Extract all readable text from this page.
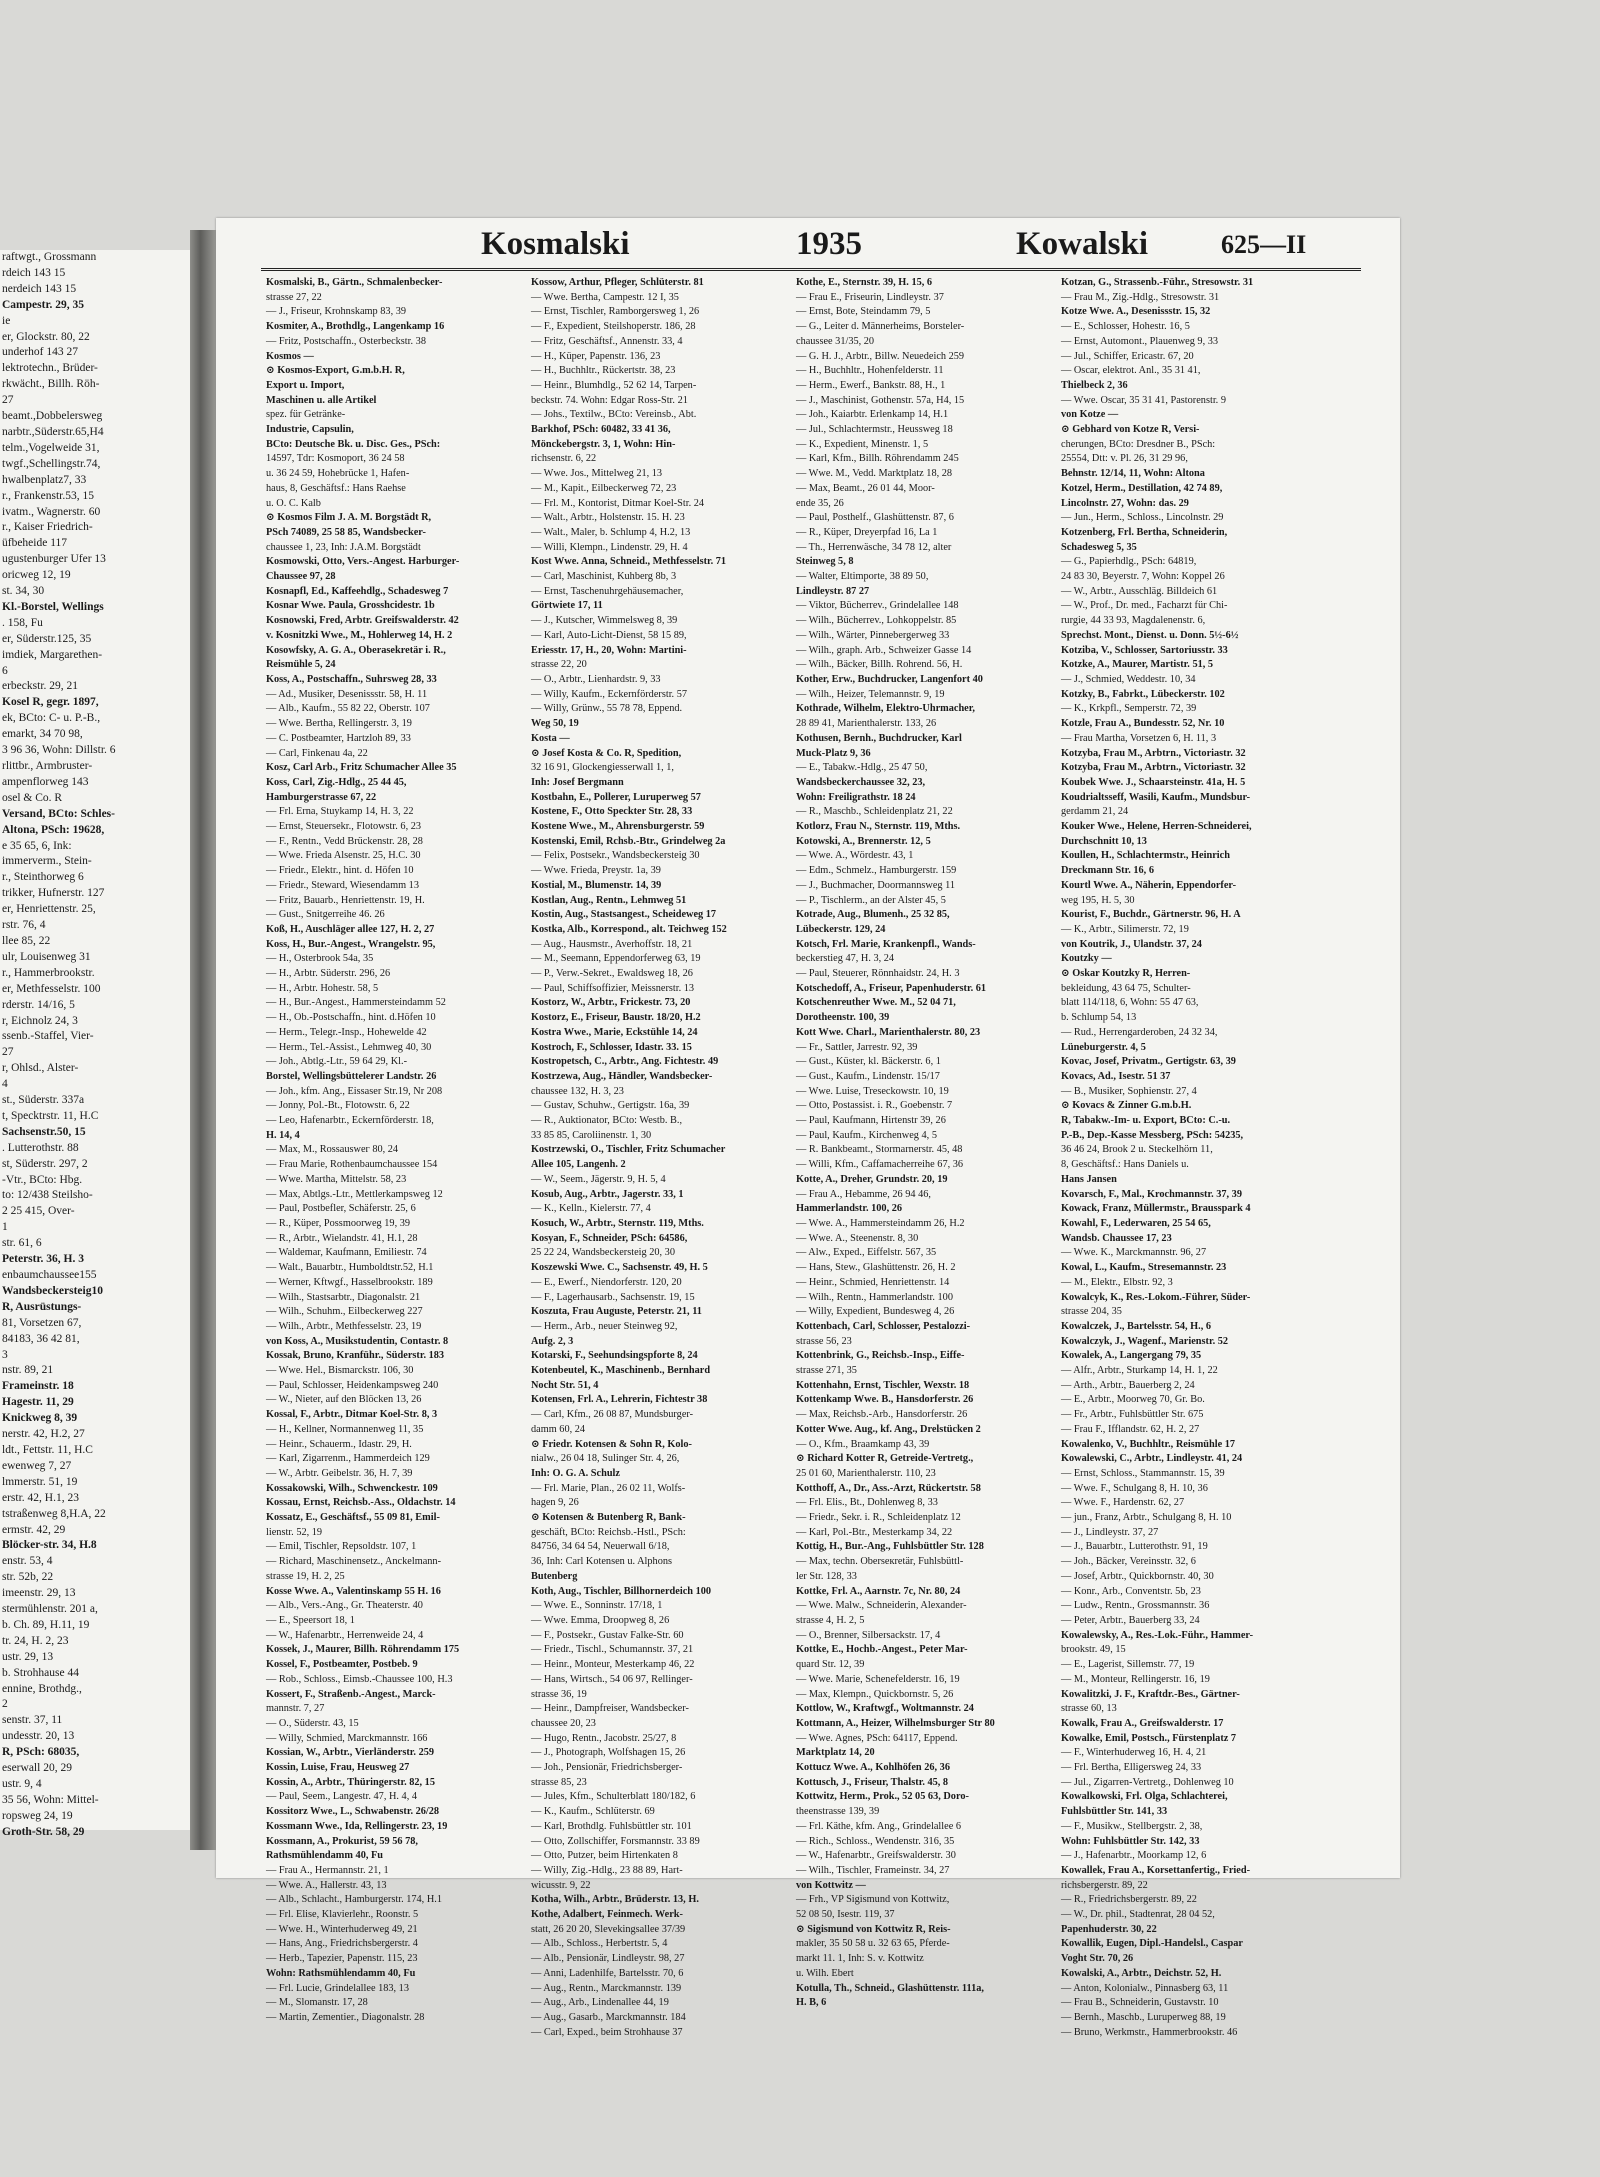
raftwgt., Grossmann
rdeich 143 15
nerdeich 143 15
Campestr. 29, 35
ie
er, Glockstr. 80, 22
underhof 143 27
lektrotechn., Brüder-
rkwächt., Billh. Röh-
27
beamt.,Dobbelersweg
narbtr.,Süderstr.65,H4
telm.,Vogelweide 31,
twgf.,Schellingstr.74,
hwalbenplatz7, 33
r., Frankenstr.53, 15
ivatm., Wagnerstr. 60
r., Kaiser Friedrich-
üfbeheide 117
ugustenburger Ufer 13
oricweg 12, 19
st. 34, 30
Kl.-Borstel, Wellings
. 158, Fu
er, Süderstr.125, 35
imdiek, Margarethen-
6
erbeckstr. 29, 21
Kosel R, gegr. 1897,
ek, BCto: C- u. P.-B.,
emarkt, 34 70 98,
3 96 36, Wohn: Dillstr. 6
rlittbr., Armbruster-
ampenflorweg 143
osel & Co. R
Versand, BCto: Schles-
Altona, PSch: 19628,
e 35 65, 6, Ink:
immerverm., Stein-
r., Steinthorweg 6
trikker, Hufnerstr. 127
er, Henriettenstr. 25,
rstr. 76, 4
llee 85, 22
ulr, Louisenweg 31
r., Hammerbrookstr.
er, Methfesselstr. 100
rderstr. 14/16, 5
r, Eichnolz 24, 3
ssenb.-Staffel, Vier-
27
r, Ohlsd., Alster-
4
st., Süderstr. 337a
t, Specktrstr. 11, H.C
Sachsenstr.50, 15
. Lutterothstr. 88
st, Süderstr. 297, 2
-Vtr., BCto: Hbg.
to: 12/438 Steilsho-
2 25 415, Over-
1
str. 61, 6
Peterstr. 36, H. 3
enbaumchaussee155
Wandsbeckersteig10
R, Ausrüstungs-
81, Vorsetzen 67,
84183, 36 42 81,
3
nstr. 89, 21
Frameinstr. 18
Hagestr. 11, 29
Knickweg 8, 39
nerstr. 42, H.2, 27
ldt., Fettstr. 11, H.C
ewenweg 7, 27
lmmerstr. 51, 19
erstr. 42, H.1, 23
tstraßenweg 8,H.A, 22
ermstr. 42, 29
Blöcker-str. 34, H.8
enstr. 53, 4
str. 52b, 22
imeenstr. 29, 13
stermühlenstr. 201 a,
b. Ch. 89, H.11, 19
tr. 24, H. 2, 23
ustr. 29, 13
b. Strohhause 44
ennine, Brothdg.,
2
senstr. 37, 11
undesstr. 20, 13
R, PSch: 68035,
eserwall 20, 29
ustr. 9, 4
35 56, Wohn: Mittel-
ropsweg 24, 19
Groth-Str. 58, 29
Kosmalski	1935	Kowalski	625—II
Kosmalski, B., Gärtn., Schmalenbecker-
strasse 27, 22
— J., Friseur, Krohnskamp 83, 39
Kosmiter, A., Brothdlg., Langenkamp 16
— Fritz, Postschaffn., Osterbeckstr. 38
Kosmos —
⊙ Kosmos-Export, G.m.b.H. R,
Export u. Import,
Maschinen u. alle Artikel
spez. für Getränke-
Industrie, Capsulin,
BCto: Deutsche Bk. u. Disc. Ges., PSch:
14597, Tdr: Kosmoport, 36 24 58
u. 36 24 59, Hohebrücke 1, Hafen-
haus, 8, Geschäftsf.: Hans Raehse
u. O. C. Kalb
⊙ Kosmos Film J. A. M. Borgstädt R,
PSch 74089, 25 58 85, Wandsbecker-
chaussee 1, 23, Inh: J.A.M. Borgstädt
Kosmowski, Otto, Vers.-Angest. Harburger-
Chaussee 97, 28
Kosnapfl, Ed., Kaffeehdlg., Schadesweg 7
Kosnar Wwe. Paula, Grosshcidestr. 1b
Kosnowski, Fred, Arbtr. Greifswalderstr. 42
v. Kosnitzki Wwe., M., Hohlerweg 14, H. 2
Kosowfsky, A. G. A., Oberasekretär i. R.,
Reismühle 5, 24
Koss, A., Postschaffn., Suhrsweg 28, 33
— Ad., Musiker, Desenissstr. 58, H. 11
— Alb., Kaufm., 55 82 22, Oberstr. 107
— Wwe. Bertha, Rellingerstr. 3, 19
— C. Postbeamter, Hartzloh 89, 33
— Carl, Finkenau 4a, 22
Kosz, Carl Arb., Fritz Schumacher Allee 35
Koss, Carl, Zig.-Hdlg., 25 44 45,
Hamburgerstrasse 67, 22
— Frl. Erna, Stuykamp 14, H. 3, 22
— Ernst, Steuersekr., Flotowstr. 6, 23
— F., Rentn., Vedd Brückenstr. 28, 28
— Wwe. Frieda Alsenstr. 25, H.C. 30
— Friedr., Elektr., hint. d. Höfen 10
— Friedr., Steward, Wiesendamm 13
— Fritz, Bauarb., Henriettenstr. 19, H.
— Gust., Snitgerreihe 46. 26
Koß, H., Auschläger allee 127, H. 2, 27
Koss, H., Bur.-Angest., Wrangelstr. 95,
— H., Osterbrook 54a, 35
— H., Arbtr. Süderstr. 296, 26
— H., Arbtr. Hohestr. 58, 5
— H., Bur.-Angest., Hammersteindamm 52
— H., Ob.-Postschaffn., hint. d.Höfen 10
— Herm., Telegr.-Insp., Hohewelde 42
— Herm., Tel.-Assist., Lehmweg 40, 30
— Joh., Abtlg.-Ltr., 59 64 29, Kl.-
Borstel, Wellingsbüttelerer Landstr. 26
— Joh., kfm. Ang., Eissaser Str.19, Nr 208
— Jonny, Pol.-Bt., Flotowstr. 6, 22
— Leo, Hafenarbtr., Eckernförderstr. 18,
H. 14, 4
— Max, M., Rossauswег 80, 24
— Frau Marie, Rothenbaumchaussee 154
— Wwe. Martha, Mittelstr. 58, 23
— Max, Abtlgs.-Ltr., Mettlerkampsweg 12
— Paul, Postbefler, Schäferstr. 25, 6
— R., Küper, Possmoorweg 19, 39
— R., Arbtr., Wielandstr. 41, H.1, 28
— Waldemar, Kaufmann, Emiliestr. 74
— Walt., Bauarbtr., Humboldtstr.52, H.1
— Werner, Kftwgf., Hasselbrookstr. 189
— Wilh., Stastsarbtr., Diagonalstr. 21
— Wilh., Schuhm., Eilbeckerweg 227
— Wilh., Arbtr., Methfesselstr. 23, 19
von Koss, A., Musikstudentin, Contastr. 8
Kossak, Bruno, Kranführ., Süderstr. 183
— Wwe. Hel., Bismarckstr. 106, 30
— Paul, Schlosser, Heidenkampsweg 240
— W., Nieter, auf den Blöcken 13, 26
Kossal, F., Arbtr., Ditmar Koel-Str. 8, 3
— H., Kellner, Normannenweg 11, 35
— Heinr., Schauerm., Idastr. 29, H.
— Karl, Zigarrenm., Hammerdeich 129
— W., Arbtr. Geibelstr. 36, H. 7, 39
Kossakowski, Wilh., Schwenckestr. 109
Kossau, Ernst, Reichsb.-Ass., Oldachstr. 14
Kossatz, E., Geschäftsf., 55 09 81, Emil-
lienstr. 52, 19
— Emil, Tischler, Repsoldstr. 107, 1
— Richard, Maschinensetz., Anckelmann-
strasse 19, H. 2, 25
Kosse Wwe. A., Valentinskamp 55 H. 16
— Alb., Vers.-Ang., Gr. Theaterstr. 40
— E., Speersort 18, 1
— W., Hafenarbtr., Herrenweide 24, 4
Kossek, J., Maurer, Billh. Röhrendamm 175
Kossel, F., Postbeamter, Postbeb. 9
— Rob., Schloss., Eimsb.-Chaussee 100, H.3
Kossert, F., Straßenb.-Angest., Marck-
mannstr. 7, 27
— O., Süderstr. 43, 15
— Willy, Schmied, Marckmannstr. 166
Kossian, W., Arbtr., Vierländerstr. 259
Kossin, Luise, Frau, Heusweg 27
Kossin, A., Arbtr., Thüringerstr. 82, 15
— Paul, Seem., Langestr. 47, H. 4, 4
Kossitorz Wwe., L., Schwabenstr. 26/28
Kossmann Wwe., Ida, Rellingerstr. 23, 19
Kossmann, A., Prokurist, 59 56 78,
Rathsmühlendamm 40, Fu
— Frau A., Hermannstr. 21, 1
— Wwe. A., Hallerstr. 43, 13
— Alb., Schlacht., Hamburgerstr. 174, H.1
— Frl. Elise, Klavierlehr., Roonstr. 5
— Wwe. H., Winterhuderweg 49, 21
— Hans, Ang., Friedrichsbergerstr. 4
— Herb., Tapezier, Papenstr. 115, 23
Wohn: Rathsmühlendamm 40, Fu
— Frl. Lucie, Grindelallee 183, 13
— M., Slomanstr. 17, 28
— Martin, Zementier., Diagonalstr. 28
Kossow, Arthur, Pfleger, Schlüterstr. 81
— Wwe. Bertha, Campestr. 12 I, 35
— Ernst, Tischler, Ramborgersweg 1, 26
— F., Expedient, Steilshoperstr. 186, 28
— Fritz, Geschäftsf., Annenstr. 33, 4
— H., Küper, Papenstr. 136, 23
— H., Buchhltr., Rückertstr. 38, 23
— Heinr., Blumhdlg., 52 62 14, Tarpen-
beckstr. 74. Wohn: Edgar Ross-Str. 21
— Johs., Textilw., BCto: Vereinsb., Abt.
Barkhof, PSch: 60482, 33 41 36,
Mönckebergstr. 3, 1, Wohn: Hin-
richsenstr. 6, 22
— Wwe. Jos., Mittelweg 21, 13
— M., Kapit., Eilbeckerweg 72, 23
— Frl. M., Kontorist, Ditmar Koel-Str. 24
— Walt., Arbtr., Holstenstr. 15. H. 23
— Walt., Maler, b. Schlump 4, H.2, 13
— Willi, Klempn., Lindenstr. 29, H. 4
Kost Wwe. Anna, Schneid., Methfesselstr. 71
— Carl, Maschinist, Kuhberg 8b, 3
— Ernst, Taschenuhrgehäusemacher,
Görtwiete 17, 11
— J., Kutscher, Wimmelsweg 8, 39
— Karl, Auto-Licht-Dienst, 58 15 89,
Eriesstr. 17, H., 20, Wohn: Martini-
strasse 22, 20
— O., Arbtr., Lienhardstr. 9, 33
— Willy, Kaufm., Eckernförderstr. 57
— Willy, Grünw., 55 78 78, Eppend.
Weg 50, 19
Kosta —
⊙ Josef Kosta & Co. R, Spedition,
32 16 91, Glockengiesserwall 1, 1,
Inh: Josef Bergmann
Kostbahn, E., Pollerer, Luruperweg 57
Kostene, F., Otto Speckter Str. 28, 33
Kostene Wwe., M., Ahrensburgerstr. 59
Kostenski, Emil, Rchsb.-Btr., Grindelweg 2a
— Felix, Postsekr., Wandsbeckersteig 30
— Wwe. Frieda, Preystr. 1a, 39
Kostial, M., Blumenstr. 14, 39
Kostlan, Aug., Rentn., Lehmweg 51
Kostin, Aug., Stastsangest., Scheideweg 17
Kostka, Alb., Korrespond., alt. Teichweg 152
— Aug., Hausmstr., Averhoffstr. 18, 21
— M., Seemann, Eppendorferweg 63, 19
— P., Verw.-Sekret., Ewaldsweg 18, 26
— Paul, Schiffsoffizier, Meissnerstr. 13
Kostorz, W., Arbtr., Frickestr. 73, 20
Kostorz, E., Friseur, Baustr. 18/20, H.2
Kostra Wwe., Marie, Eckstühle 14, 24
Kostroch, F., Schlosser, Idastr. 33. 15
Kostropetsch, C., Arbtr., Ang. Fichtestr. 49
Kostrzewa, Aug., Händler, Wandsbecker-
chaussee 132, H. 3, 23
— Gustav, Schuhw., Gertigstr. 16a, 39
— R., Auktionator, BCto: Westb. B.,
33 85 85, Caroliinenstr. 1, 30
Kostrzewski, O., Tischler, Fritz Schumacher
Allee 105, Langenh. 2
— W., Seem., Jägerstr. 9, H. 5, 4
Kosub, Aug., Arbtr., Jagerstr. 33, 1
— K., Kelln., Kielerstr. 77, 4
Kosuch, W., Arbtr., Sternstr. 119, Mths.
Kosyan, F., Schneider, PSch: 64586,
25 22 24, Wandsbeckersteig 20, 30
Koszewski Wwe. C., Sachsenstr. 49, H. 5
— E., Ewerf., Niendorferstr. 120, 20
— F., Lagerhausarb., Sachsenstr. 19, 15
Koszuta, Frau Auguste, Peterstr. 21, 11
— Herm., Arb., neuer Steinweg 92,
Aufg. 2, 3
Kotarski, F., Seehundsingspforte 8, 24
Kotenbeutel, K., Maschinenb., Bernhard
Nocht Str. 51, 4
Kotensen, Frl. A., Lehrerin, Fichtestr 38
— Carl, Kfm., 26 08 87, Mundsburger-
damm 60, 24
⊙ Friedr. Kotensen & Sohn R, Kolo-
nialw., 26 04 18, Sulinger Str. 4, 26,
Inh: O. G. A. Schulz
— Frl. Marie, Plan., 26 02 11, Wolfs-
hagen 9, 26
⊙ Kotensen & Butenberg R, Bank-
geschäft, BCto: Reichsb.-Hstl., PSch:
84756, 34 64 54, Neuerwall 6/18,
36, Inh: Carl Kotensen u. Alphons
Butenberg
Koth, Aug., Tischler, Billhornerdeich 100
— Wwe. E., Sonninstr. 17/18, 1
— Wwe. Emma, Droopweg 8, 26
— F., Postsekr., Gustav Falke-Str. 60
— Friedr., Tischl., Schumannstr. 37, 21
— Heinr., Monteur, Mesterkamp 46, 22
— Hans, Wirtsch., 54 06 97, Rellinger-
strasse 36, 19
— Heinr., Dampfreiser, Wandsbecker-
chaussee 20, 23
— Hugo, Rentn., Jacobstr. 25/27, 8
— J., Photograph, Wolfshagen 15, 26
— Joh., Pensionär, Friedrichsberger-
strasse 85, 23
— Jules, Kfm., Schulterblatt 180/182, 6
— K., Kaufm., Schlüterstr. 69
— Karl, Brothdlg. Fuhlsbüttler str. 101
— Otto, Zollschiffer, Forsmannstr. 33 89
— Otto, Putzer, beim Hirtenkaten 8
— Willy, Zig.-Hdlg., 23 88 89, Hart-
wicusstr. 9, 22
Kotha, Wilh., Arbtr., Brüderstr. 13, H.
Kothe, Adalbert, Feinmech. Werk-
statt, 26 20 20, Slevekingsallee 37/39
— Alb., Schloss., Herbertstr. 5, 4
— Alb., Pensionär, Lindleystr. 98, 27
— Anni, Ladenhilfe, Bartelsstr. 70, 6
— Aug., Rentn., Marckmannstr. 139
— Aug., Arb., Lindenallee 44, 19
— Aug., Gasarb., Marckmannstr. 184
— Carl, Exped., beim Strohhause 37
Kothe, E., Sternstr. 39, H. 15, 6
— Frau E., Friseurin, Lindleystr. 37
— Ernst, Bote, Steindamm 79, 5
— G., Leiter d. Männerheims, Borsteler-
chaussee 31/35, 20
— G. H. J., Arbtr., Billw. Neuedeich 259
— H., Buchhltr., Hohenfelderstr. 11
— Herm., Ewerf., Bankstr. 88, H., 1
— J., Maschinist, Gothenstr. 57a, H4, 15
— Joh., Kaiarbtr. Erlenkamp 14, H.1
— Jul., Schlachtermstr., Heussweg 18
— K., Expedient, Minenstr. 1, 5
— Karl, Kfm., Billh. Röhrendamm 245
— Wwe. M., Vedd. Marktplatz 18, 28
— Max, Beamt., 26 01 44, Moor-
ende 35, 26
— Paul, Posthelf., Glashüttenstr. 87, 6
— R., Küper, Dreyerpfad 16, La 1
— Th., Herrenwäsche, 34 78 12, alter
Steinweg 5, 8
— Walter, Eltimporte, 38 89 50,
Lindleystr. 87 27
— Viktor, Bücherrev., Grindelallee 148
— Wilh., Bücherrev., Lohkoppelstr. 85
— Wilh., Wärter, Pinnebergerweg 33
— Wilh., graph. Arb., Schweizer Gasse 14
— Wilh., Bäcker, Billh. Rohrend. 56, H.
Kother, Erw., Buchdrucker, Langenfort 40
— Wilh., Heizer, Telemannstr. 9, 19
Kothrade, Wilhelm, Elektro-Uhrmacher,
28 89 41, Marienthalerstr. 133, 26
Kothusen, Bernh., Buchdrucker, Karl
Muck-Platz 9, 36
— E., Tabakw.-Hdlg., 25 47 50,
Wandsbeckerchaussee 32, 23,
Wohn: Freiligrathstr. 18 24
— R., Maschb., Schleidenplatz 21, 22
Kotlorz, Frau N., Sternstr. 119, Mths.
Kotowski, A., Brennerstr. 12, 5
— Wwe. A., Wördestr. 43, 1
— Edm., Schmelz., Hamburgerstr. 159
— J., Buchmacher, Doormannsweg 11
— P., Tischlerm., an der Alster 45, 5
Kotrade, Aug., Blumenh., 25 32 85,
Lübeckerstr. 129, 24
Kotsch, Frl. Marie, Krankenpfl., Wands-
beckerstieg 47, H. 3, 24
— Paul, Steuerer, Rönnhaidstr. 24, H. 3
Kotschedoff, A., Friseur, Papenhuderstr. 61
Kotschenreuther Wwe. M., 52 04 71,
Dorotheenstr. 100, 39
Kott Wwe. Charl., Marienthalerstr. 80, 23
— Fr., Sattler, Jarrestr. 92, 39
— Gust., Küster, kl. Bäckerstr. 6, 1
— Gust., Kaufm., Lindenstr. 15/17
— Wwe. Luise, Treseckowstr. 10, 19
— Otto, Postassist. i. R., Goebenstr. 7
— Paul, Kaufmann, Hirtenstr 39, 26
— Paul, Kaufm., Kirchenweg 4, 5
— R. Bankbeamt., Stormarnerstr. 45, 48
— Willi, Kfm., Caffamacherreihe 67, 36
Kotte, A., Dreher, Grundstr. 20, 19
— Frau A., Hebamme, 26 94 46,
Hammerlandstr. 100, 26
— Wwe. A., Hammersteindamm 26, H.2
— Wwe. A., Steenenstr. 8, 30
— Alw., Exped., Eiffelstr. 567, 35
— Hans, Stew., Glashüttenstr. 26, H. 2
— Heinr., Schmied, Henriettenstr. 14
— Wilh., Rentn., Hammerlandstr. 100
— Willy, Expedient, Bundesweg 4, 26
Kottenbach, Carl, Schlosser, Pestalozzi-
strasse 56, 23
Kottenbrink, G., Reichsb.-Insp., Eiffe-
strasse 271, 35
Kottenhahn, Ernst, Tischler, Wexstr. 18
Kottenkamp Wwe. B., Hansdorferstr. 26
— Max, Reichsb.-Arb., Hansdorferstr. 26
Kotter Wwe. Aug., kf. Ang., Drelstücken 2
— O., Kfm., Braamkamp 43, 39
⊙ Richard Kotter R, Getreide-Vertretg.,
25 01 60, Marienthalerstr. 110, 23
Kotthoff, A., Dr., Ass.-Arzt, Rückertstr. 58
— Frl. Elis., Bt., Dohlenweg 8, 33
— Friedr., Sekr. i. R., Schleidenplatz 12
— Karl, Pol.-Btr., Mesterkamp 34, 22
Kottig, H., Bur.-Ang., Fuhlsbüttler Str. 128
— Max, techn. Oberseкretär, Fuhlsbüttl-
ler Str. 128, 33
Kottke, Frl. A., Aarnstr. 7c, Nr. 80, 24
— Wwe. Malw., Schneiderin, Alexander-
strasse 4, H. 2, 5
— O., Brenner, Silbersackstr. 17, 4
Kottke, E., Hochb.-Angest., Peter Mar-
quard Str. 12, 39
— Wwe. Marie, Schenefelderstr. 16, 19
— Max, Klempn., Quickbornstr. 5, 26
Kottlow, W., Kraftwgf., Woltmannstr. 24
Kottmann, A., Heizer, Wilhelmsburger Str 80
— Wwe. Agnes, PSch: 64117, Eppend.
Marktplatz 14, 20
Kottuсz Wwe. A., Kohlhöfen 26, 36
Kottusch, J., Friseur, Thalstr. 45, 8
Kottwitz, Herm., Prok., 52 05 63, Doro-
theenstrasse 139, 39
— Frl. Käthe, kfm. Ang., Grindelallee 6
— Rich., Schloss., Wendenstr. 316, 35
— W., Hafenarbtr., Greifswalderstr. 30
— Wilh., Tischler, Frameinstr. 34, 27
von Kottwitz —
— Frh., VP Sigismund von Kottwitz,
52 08 50, Isestr. 119, 37
⊙ Sigismund von Kottwitz R, Reis-
makler, 35 50 58 u. 32 63 65, Pferde-
markt 11. 1, Inh: S. v. Kottwitz
u. Wilh. Ebert
Kotulla, Th., Schneid., Glashüttenstr. 111a,
H. B, 6
Kotzan, G., Strassenb.-Führ., Stresowstr. 31
— Frau M., Zig.-Hdlg., Stresowstr. 31
Kotze Wwe. A., Desenissstr. 15, 32
— E., Schlosser, Hohestr. 16, 5
— Ernst, Automont., Plauenweg 9, 33
— Jul., Schiffer, Ericastr. 67, 20
— Oscar, elektrot. Anl., 35 31 41,
Thielbeck 2, 36
— Wwe. Oscar, 35 31 41, Pastorenstr. 9
von Kotze —
⊙ Gebhard von Kotze R, Versi-
cherungen, BCto: Dresdner B., PSch:
25554, Dtt: v. Pl. 26, 31 29 96,
Behnstr. 12/14, 11, Wohn: Altona
Kotzel, Herm., Destillation, 42 74 89,
Lincolnstr. 27, Wohn: das. 29
— Jun., Herm., Schloss., Lincolnstr. 29
Kotzenberg, Frl. Bertha, Schneiderin,
Schadesweg 5, 35
— G., Papierhdlg., PSch: 64819,
24 83 30, Beyerstr. 7, Wohn: Koppel 26
— W., Arbtr., Ausschläg. Billdeich 61
— W., Prof., Dr. med., Facharzt für Chi-
rurgie, 44 33 93, Magdalenenstr. 6,
Sprechst. Mont., Dienst. u. Donn. 5½-6½
Kotziba, V., Schlosser, Sartoriusstr. 33
Kotzke, A., Maurer, Martistr. 51, 5
— J., Schmied, Weddestr. 10, 34
Kotzky, B., Fabrkt., Lübeckerstr. 102
— K., Krkpfl., Semperstr. 72, 39
Kotzle, Frau A., Bundesstr. 52, Nr. 10
— Frau Martha, Vorsetzen 6, H. 11, 3
Kotzyba, Frau M., Arbtrn., Victoriastr. 32
Kotzyba, Frau M., Arbtrn., Victoriastr. 32
Koubek Wwe. J., Schaarsteinstr. 41a, H. 5
Koudrialtsseff, Wasili, Kaufm., Mundsbur-
gerdamm 21, 24
Kouker Wwe., Helene, Herren-Schneiderei,
Durchschnitt 10, 13
Koullen, H., Schlachtermstr., Heinrich
Dreckmann Str. 16, 6
Kourtl Wwe. A., Näherin, Eppendorfer-
weg 195, H. 5, 30
Kourist, F., Buchdr., Gärtnerstr. 96, H. A
— K., Arbtr., Silimerstr. 72, 19
von Koutrik, J., Ulandstr. 37, 24
Koutzky —
⊙ Oskar Koutzky R, Herren-
bekleidung, 43 64 75, Schulter-
blatt 114/118, 6, Wohn: 55 47 63,
b. Schlump 54, 13
— Rud., Herrengarderoben, 24 32 34,
Lüneburgerstr. 4, 5
Kovac, Josef, Privatm., Gertigstr. 63, 39
Kovacs, Ad., Isestr. 51 37
— B., Musiker, Sophienstr. 27, 4
⊙ Kovacs & Zinner G.m.b.H.
R, Tabakw.-Im- u. Export, BCto: C.-u.
P.-B., Dep.-Kasse Messberg, PSch: 54235,
36 46 24, Brook 2 u. Steckelhörn 11,
8, Geschäftsf.: Hans Daniels u.
Hans Jansen
Kovarsch, F., Mal., Krochmannstr. 37, 39
Kowack, Franz, Müllermstr., Brausspark 4
Kowahl, F., Lederwaren, 25 54 65,
Wandsb. Chaussee 17, 23
— Wwe. K., Marckmannstr. 96, 27
Kowal, L., Kaufm., Stresemannstr. 23
— M., Elektr., Elbstr. 92, 3
Kowalcyk, K., Res.-Lokom.-Führer, Süder-
strasse 204, 35
Kowalczek, J., Bartelsstr. 54, H., 6
Kowalczyk, J., Wagenf., Marienstr. 52
Kowalek, A., Langergang 79, 35
— Alfr., Arbtr., Sturkamp 14, H. 1, 22
— Arth., Arbtr., Bauerberg 2, 24
— E., Arbtr., Moorweg 70, Gr. Bo.
— Fr., Arbtr., Fuhlsbüttler Str. 675
— Frau F., Ifflandstr. 62, H. 2, 27
Kowalenko, V., Buchhltr., Reismühle 17
Kowalewski, C., Arbtr., Lindleystr. 41, 24
— Ernst, Schloss., Stammannstr. 15, 39
— Wwe. F., Schulgang 8, H. 10, 36
— Wwe. F., Hardenstr. 62, 27
— jun., Franz, Arbtr., Schulgang 8, H. 10
— J., Lindleystr. 37, 27
— J., Bauarbtr., Lutterothstr. 91, 19
— Joh., Bäcker, Vereinsstr. 32, 6
— Josef, Arbtr., Quickbornstr. 40, 30
— Konr., Arb., Conventstr. 5b, 23
— Ludw., Rentn., Grossmannstr. 36
— Peter, Arbtr., Bauerberg 33, 24
Kowalewsky, A., Res.-Lok.-Führ., Hammer-
brookstr. 49, 15
— E., Lagerist, Sillemstr. 77, 19
— M., Monteur, Rellingerstr. 16, 19
Kowalitzki, J. F., Kraftdr.-Bes., Gärtner-
strasse 60, 13
Kowalk, Frau A., Greifswalderstr. 17
Kowalke, Emil, Postsch., Fürstenplatz 7
— F., Winterhuderweg 16, H. 4, 21
— Frl. Bertha, Elligersweg 24, 33
— Jul., Zigarren-Vertretg., Dohlenweg 10
Kowalkowski, Frl. Olga, Schlachterei,
Fuhlsbüttler Str. 141, 33
— F., Musikw., Stellbergstr. 2, 38,
Wohn: Fuhlsbüttler Str. 142, 33
— J., Hafenarbtr., Moorkamp 12, 6
Kowallek, Frau A., Korsettanfertig., Fried-
richsbergerstr. 89, 22
— R., Friedrichsbergerstr. 89, 22
— W., Dr. phil., Stadtenrat, 28 04 52,
Papenhuderstr. 30, 22
Kowallik, Eugen, Dipl.-Handelsl., Caspar
Voght Str. 70, 26
Kowalski, A., Arbtr., Deichstr. 52, H.
— Anton, Kolonialw., Pinnasberg 63, 11
— Frau B., Schneiderin, Gustavstr. 10
— Bernh., Maschb., Luruperweg 88, 19
— Bruno, Werkmstr., Hammerbrookstr. 46
